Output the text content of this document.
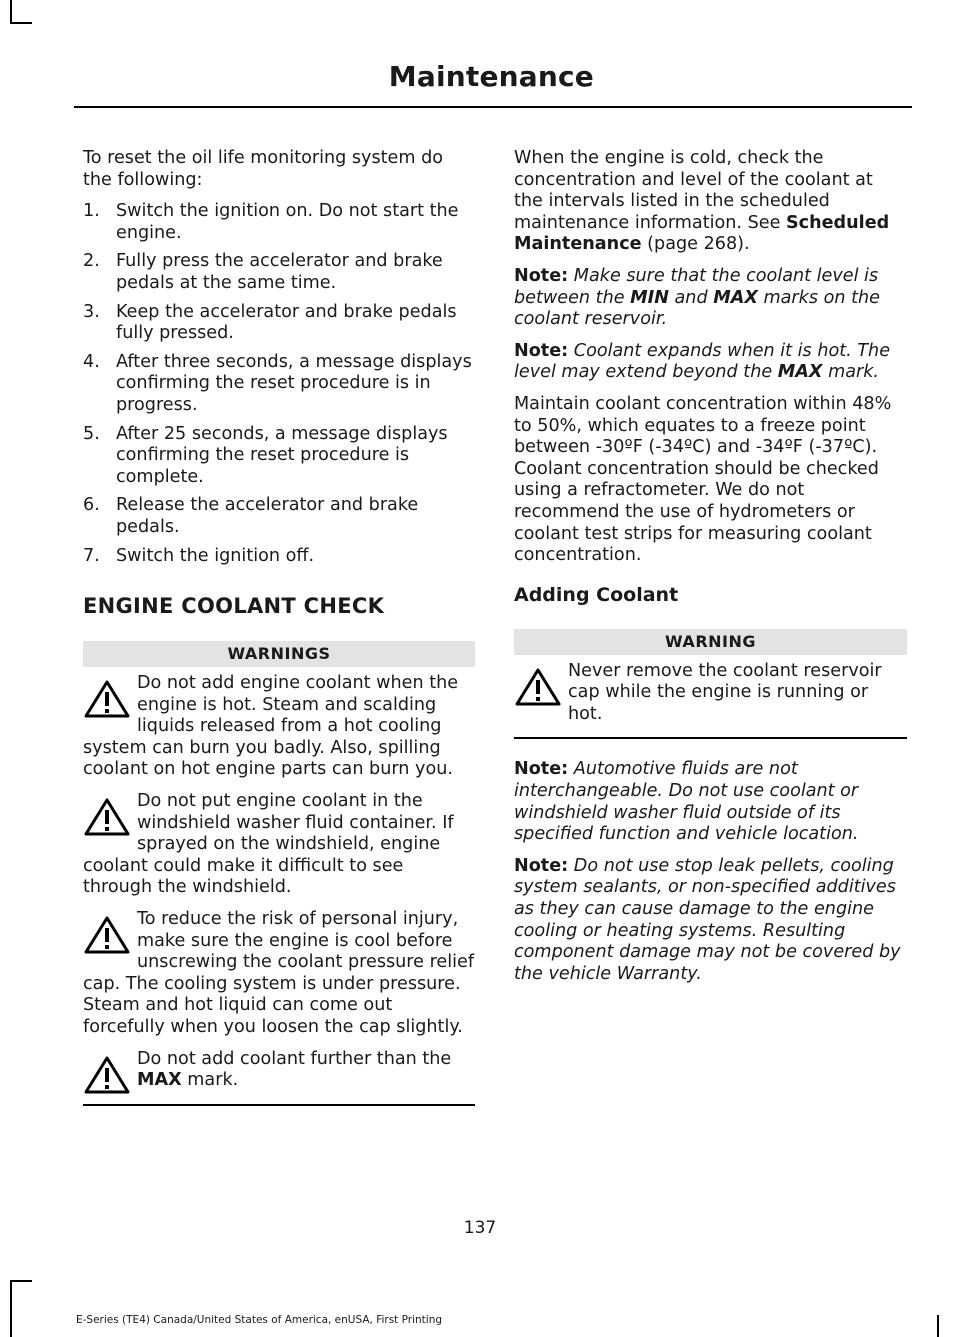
Maintenance

To reset the oil life monitoring system do the following:

1. Switch the ignition on. Do not start the engine.
2. Fully press the accelerator and brake pedals at the same time.
3. Keep the accelerator and brake pedals fully pressed.
4. After three seconds, a message displays confirming the reset procedure is in progress.
5. After 25 seconds, a message displays confirming the reset procedure is complete.
6. Release the accelerator and brake pedals.
7. Switch the ignition off.
ENGINE COOLANT CHECK
WARNINGS
Do not add engine coolant when the engine is hot. Steam and scalding liquids released from a hot cooling system can burn you badly. Also, spilling coolant on hot engine parts can burn you.
Do not put engine coolant in the windshield washer fluid container. If sprayed on the windshield, engine coolant could make it difficult to see through the windshield.
To reduce the risk of personal injury, make sure the engine is cool before unscrewing the coolant pressure relief cap. The cooling system is under pressure. Steam and hot liquid can come out forcefully when you loosen the cap slightly.
Do not add coolant further than the MAX mark.

When the engine is cold, check the concentration and level of the coolant at the intervals listed in the scheduled maintenance information. See Scheduled Maintenance (page 268).

Note: Make sure that the coolant level is between the MIN and MAX marks on the coolant reservoir.

Note: Coolant expands when it is hot. The level may extend beyond the MAX mark.

Maintain coolant concentration within 48% to 50%, which equates to a freeze point between -30ºF (-34ºC) and -34ºF (-37ºC). Coolant concentration should be checked using a refractometer. We do not recommend the use of hydrometers or coolant test strips for measuring coolant concentration.

Adding Coolant
WARNING
Never remove the coolant reservoir cap while the engine is running or hot.

Note: Automotive fluids are not interchangeable. Do not use coolant or windshield washer fluid outside of its specified function and vehicle location.

Note: Do not use stop leak pellets, cooling system sealants, or non-specified additives as they can cause damage to the engine cooling or heating systems. Resulting component damage may not be covered by the vehicle Warranty.

137
E-Series (TE4) Canada/United States of America, enUSA, First Printing
